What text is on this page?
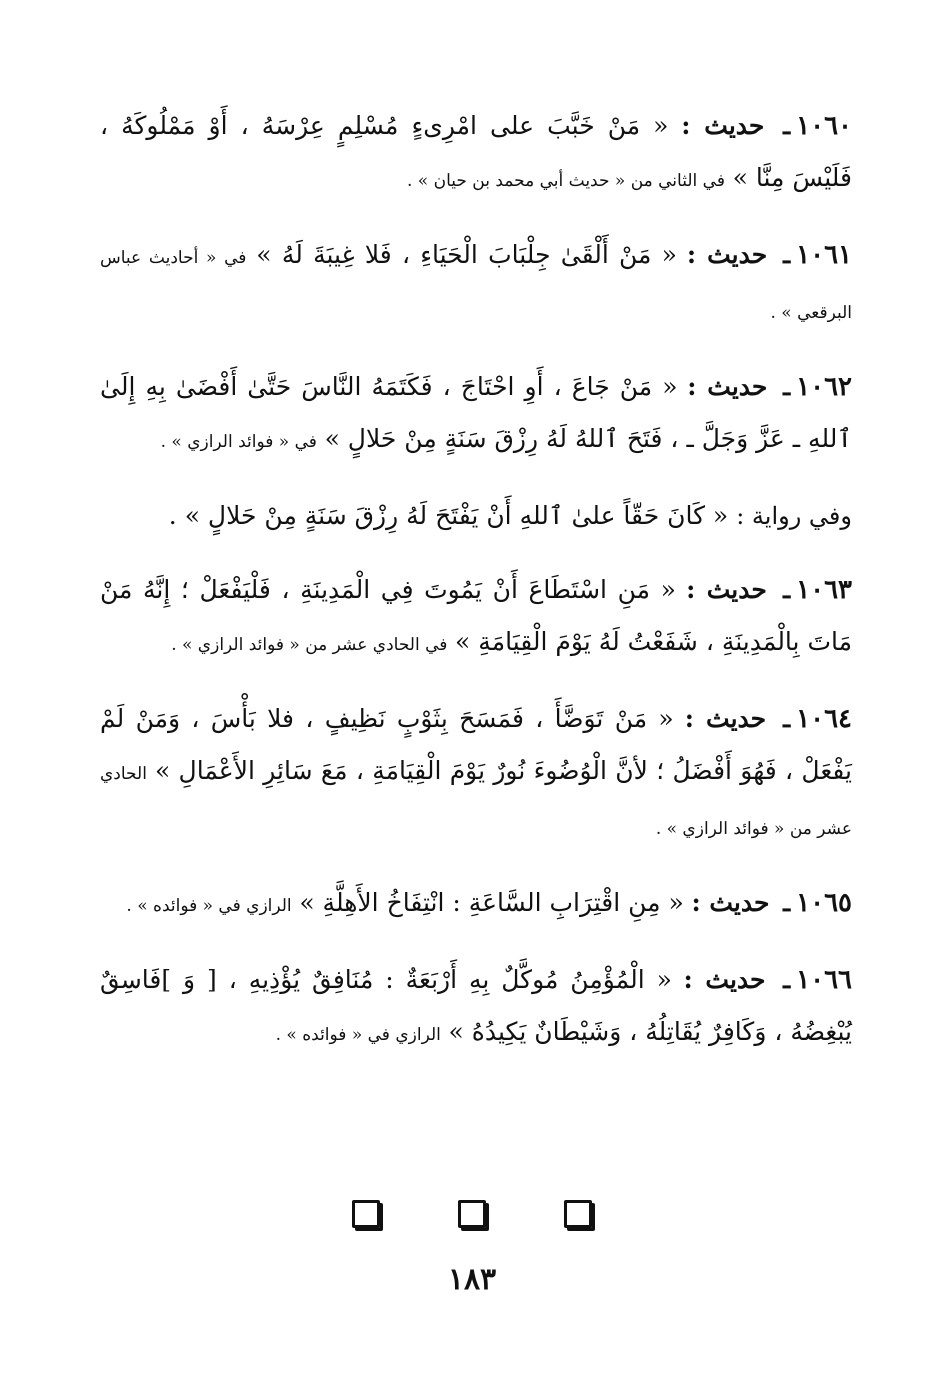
١٠٦٠ـ حديث : « مَنْ خَبَّبَ على امْرِىءٍ مُسْلِمٍ عِرْسَهُ ، أَوْ مَمْلُوكَهُ ، فَلَيْسَ مِنَّا » في الثاني من « حديث أبي محمد بن حيان » .

١٠٦١ـ حديث : « مَنْ أَلْقَىٰ جِلْبَابَ الْحَيَاءِ ، فَلا غِيبَةَ لَهُ » في « أحاديث عباس البرقعي » .

١٠٦٢ـ حديث : « مَنْ جَاعَ ، أَوِ احْتَاجَ ، فَكَتَمَهُ النَّاسَ حَتَّىٰ أَفْضَىٰ بِهِ إِلَىٰ ٱللهِ ـ عَزَّ وَجَلَّ ـ ، فَتَحَ ٱللهُ لَهُ رِزْقَ سَنَةٍ مِنْ حَلالٍ » في « فوائد الرازي » .

وفي رواية : « كَانَ حَقّاً علىٰ ٱللهِ أَنْ يَفْتَحَ لَهُ رِزْقَ سَنَةٍ مِنْ حَلالٍ » .

١٠٦٣ـ حديث : « مَنِ اسْتَطَاعَ أَنْ يَمُوتَ فِي الْمَدِينَةِ ، فَلْيَفْعَلْ ؛ إِنَّهُ مَنْ مَاتَ بِالْمَدِينَةِ ، شَفَعْتُ لَهُ يَوْمَ الْقِيَامَةِ » في الحادي عشر من « فوائد الرازي » .

١٠٦٤ـ حديث : « مَنْ تَوَضَّأَ ، فَمَسَحَ بِثَوْبٍ نَظِيفٍ ، فلا بَأْسَ ، وَمَنْ لَمْ يَفْعَلْ ، فَهُوَ أَفْضَلُ ؛ لأنَّ الْوُضُوءَ نُورٌ يَوْمَ الْقِيَامَةِ ، مَعَ سَائِرِ الأَعْمَالِ » الحادي عشر من « فوائد الرازي » .

١٠٦٥ـ حديث : « مِنِ اقْتِرَابِ السَّاعَةِ : انْتِفَاخُ الأَهِلَّةِ » الرازي في « فوائده » .

١٠٦٦ـ حديث : « الْمُؤْمِنُ مُوكَّلٌ بِهِ أَرْبَعَةٌ : مُنَافِقٌ يُؤْذِيهِ ، [ وَ ]فَاسِقٌ يُبْغِضُهُ ، وَكَافِرٌ يُقَاتِلُهُ ، وَشَيْطَانٌ يَكِيدُهُ » الرازي في « فوائده » .

١٨٣
